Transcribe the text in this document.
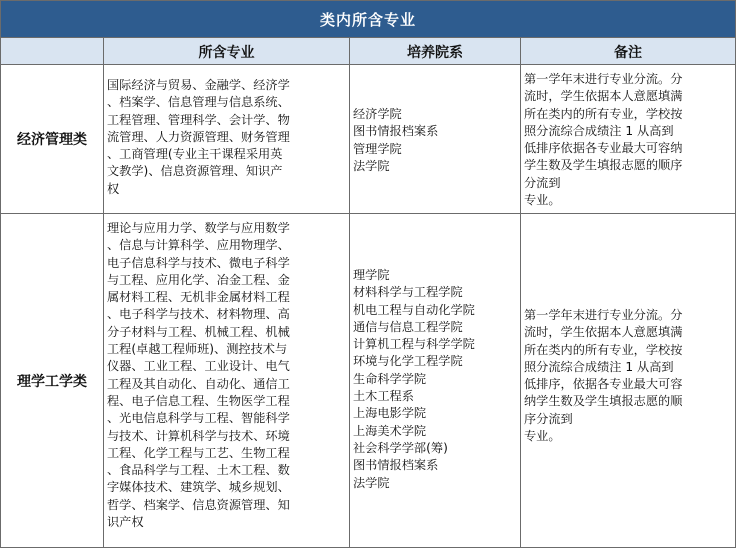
类内所含专业
所含专业	培养院系	备注
经济管理类
国际经济与贸易、金融学、经济学
、档案学、信息管理与信息系统、
工程管理、管理科学、会计学、物
流管理、人力资源管理、财务管理
、工商管理(专业主干课程采用英
文教学)、信息资源管理、知识产
权
经济学院
图书情报档案系
管理学院
法学院
第一学年末进行专业分流。分
流时，学生依据本人意愿填满
所在类内的所有专业，学校按
照分流综合成绩注 1 从高到
低排序依据各专业最大可容纳
学生数及学生填报志愿的顺序
分流到
专业。
理学工学类
理论与应用力学、数学与应用数学
、信息与计算科学、应用物理学、
电子信息科学与技术、微电子科学
与工程、应用化学、冶金工程、金
属材料工程、无机非金属材料工程
、电子科学与技术、材料物理、高
分子材料与工程、机械工程、机械
工程(卓越工程师班)、测控技术与
仪器、工业工程、工业设计、电气
工程及其自动化、自动化、通信工
程、电子信息工程、生物医学工程
、光电信息科学与工程、智能科学
与技术、计算机科学与技术、环境
工程、化学工程与工艺、生物工程
、食品科学与工程、土木工程、数
字媒体技术、建筑学、城乡规划、
哲学、档案学、信息资源管理、知
识产权
理学院
材料科学与工程学院
机电工程与自动化学院
通信与信息工程学院
计算机工程与科学学院
环境与化学工程学院
生命科学学院
土木工程系
上海电影学院
上海美术学院
社会科学学部(筹)
图书情报档案系
法学院
第一学年末进行专业分流。分
流时，学生依据本人意愿填满
所在类内的所有专业，学校按
照分流综合成绩注 1 从高到
低排序，依据各专业最大可容
纳学生数及学生填报志愿的顺
序分流到
专业。
